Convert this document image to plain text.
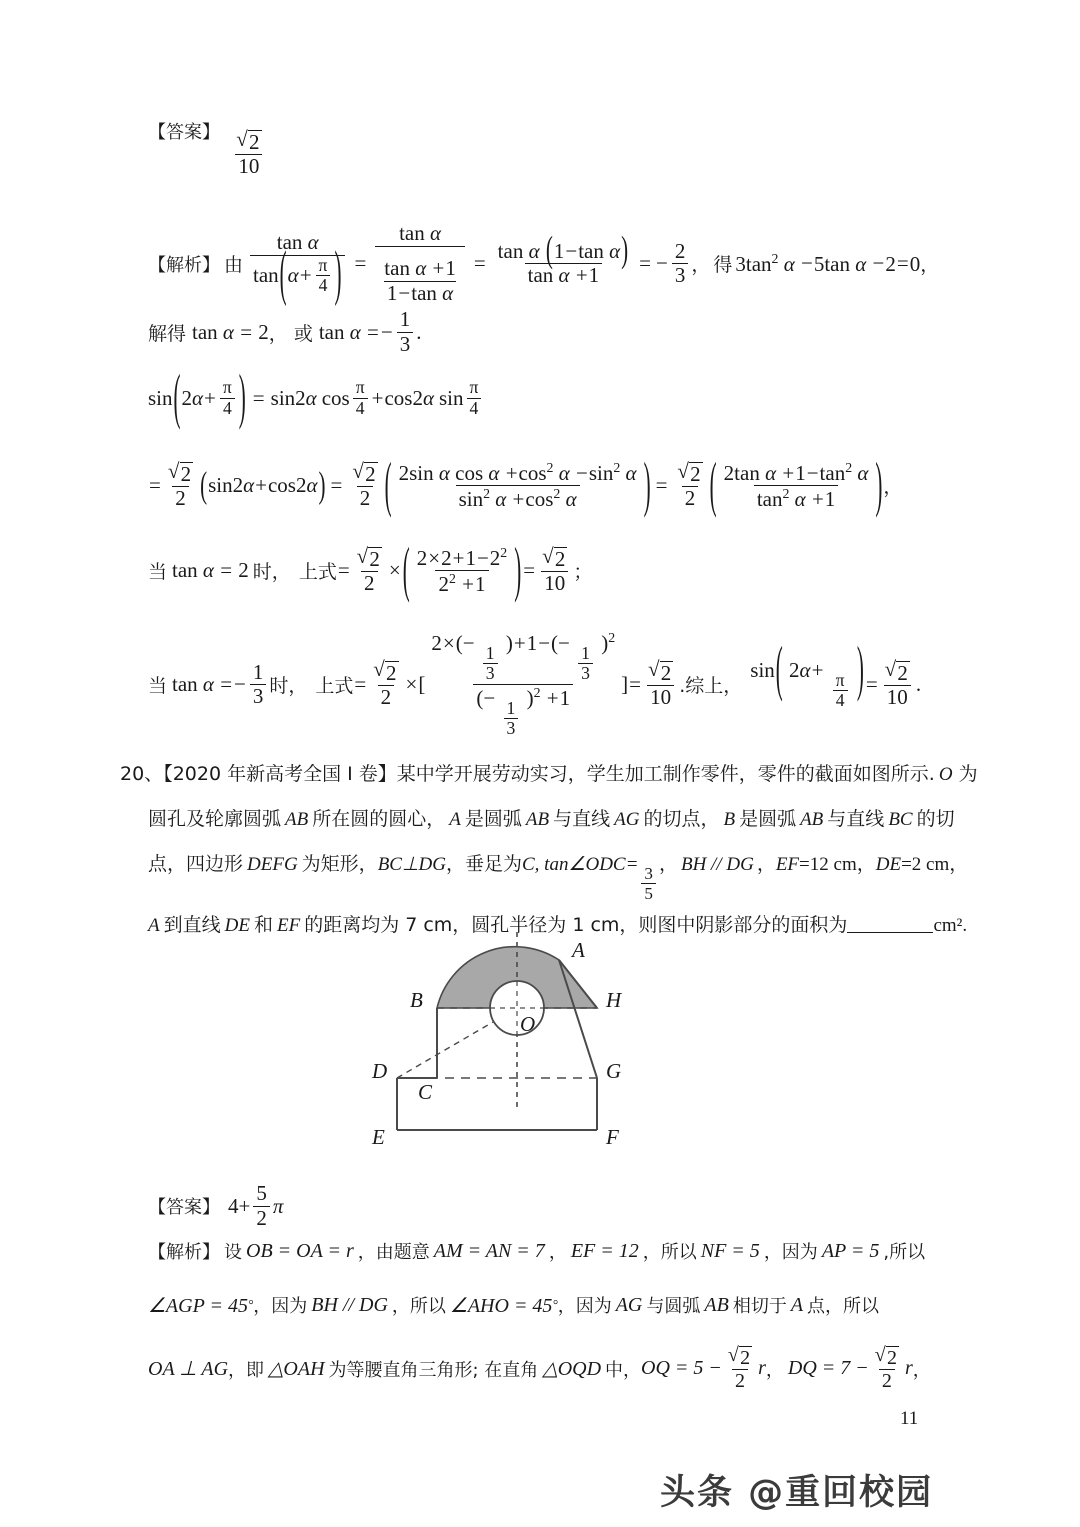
【答案】 √ $\frac{2}{10}$
【解析】 由 $\frac{\text{tan α}}{\tan ( \alpha + \frac{\pi}{4} )} = \frac{\text{tan α}}{\frac{\text{tan α +1}}{\text{1−tan α}}} = \frac{\text{tan α (1−tan α)}}{\text{tan α +1}}$ = − $\frac{2}{3}$ ， 得 $3\tan^2$ α −5tan α −2=0 ，
解得 tan α = 2 ， 或 $\tan \alpha =- \frac{1}{3}$ .
sin ( 2 $\alpha + \frac{\pi}{4}$ ) = sin 2 α $\cos \frac{\pi}{4} + \cos 2$ α $\sin \frac{\pi}{4}$
= √ $\frac{2}{2}$ ( sin 2 α + cos 2 α ) = √ $\frac{2}{2}$ ( $\frac{2\sin \alpha \cos \alpha +\cos^2 \alpha -\sin^2 \alpha}{\sin^2 \alpha +\cos^2 \alpha}$ ) = √ $\frac{2}{2}$ ( $\frac{2\tan \alpha +1-\tan^2 \alpha}{\tan^2 \alpha +1}$ ) ，
当 tan α = 2 时， 上式 = √ $\frac{2}{2}$ × ( $\frac{2\times 2+1-2^2}{2^2 +1}$ ) = √ $\frac{2}{10}$ ；
当 $\tan \alpha =- \frac{1}{3}$ 时， 上式 = √ $\frac{2}{2}$ × [ 2×(−
$\frac{1}{3}$
)+1−(−
$\frac{1}{3}$
)$^2$
(−
$\frac{1}{3}$
)$^2$ +1 ] = √ $\frac{2}{10}$ .综上，
sin( 2α+
$\frac{\pi}{4}$ ) = √ $\frac{2}{10}$ .
20、【2020 年新高考全国 I 卷】某中学开展劳动实习，学生加工制作零件，零件的截面如图所示. O 为
圆孔及轮廓圆弧 AB 所在圆的圆心， A 是圆弧 AB 与直线 AG 的切点， B 是圆弧 AB 与直线 BC 的切
点，四边形 DEFG 为矩形，BC⊥DG，垂足为C, tan∠ODC= $\frac{3}{5}$ ， BH // DG ，EF=12 cm，DE=2 cm，
A 到直线 DE 和 EF 的距离均为 7 cm，圆孔半径为 1 cm，则图中阴影部分的面积为	cm².
A
B	H
O
D
C
G
E	F
【答案】 $4+ \frac{5}{2}$ π
【解析】 设 OB = OA = r ，由题意 AM = AN = 7 ， EF = 12 ，所以 NF = 5 ，因为 AP = 5 ,所以
∠AGP = 45 ° ，因为 BH // DG ，所以 ∠AHO = 45 ° ，因为 AG 与圆弧 AB 相切于 A 点，所以
OA ⊥ AG ，即 △OAH 为等腰直角三角形; 在直角 △OQD 中， OQ = 5 − √ $\frac{2}{2}$ r ， DQ = 7 − √ $\frac{2}{2}$ r ，
11
头条 @重回校园
